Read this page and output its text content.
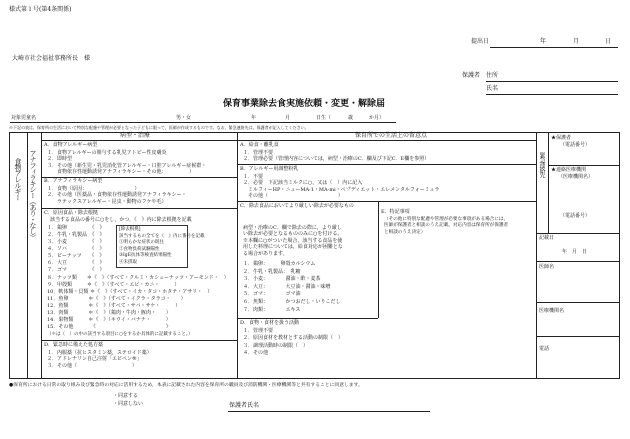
様式第１号(第4条関係)
提出日	年	月	日
大崎市社会福祉事務所長　様
保護者 住所
氏名
保育事業除去食実施依頼・変更・解除届
対象児童名	男・女	年	月	日生（	歳	か月）
※下記の表は，保育所の生活において特別な配慮や管理が必要となった子どもに限って，医師が作成するものです。なお，緊急連絡先は，保護者が記入してください。
食物アレルギー アナフィラキシー（あり・なし）
病型・治療	保育所での生活上の留意点
A．食物アレルギー病型
１．食物アレルギーの関与する乳児アトピー性皮膚炎
２．即時型
３．その他（新生児・乳児消化管アレルギー・口腔アレルギー症候群・
　　食物依存性運動誘発アナフィラキシー・その他：　　　　　）
B．アナフィラキシー病型
１．食物（原因：　　　　　　　　　　）
２．その他（医薬品・食物依存性運動誘発アナフィラキシー・
　　ラテックスアレルギー・昆虫・動物のフケや毛）
C．原因食品・除去根拠
該当する食品の番号に○をし，かつ，《　》内に除去根拠を記載
１．鶏卵　　　　　《　》
２．牛乳・乳製品　《　》
３．小麦　　　　　《　》
４．ソバ　　　　　《　》
５．ピーナッツ　　《　》
６．大豆　　　　　《　》
７．ゴマ　　　　　《　》
８．ナッツ類　　＊《　》（すべて・クルミ・カシューナッツ・アーモンド・　）
９．甲殻類　　　＊《　》（すべて・エビ・カニ・　　　）
10．軟体類・貝類 ＊《　》（すべて・イカ・タコ・ホタテ・アサリ・　）
11．魚卵　　　　＊《　》（すべて・イクラ・タラコ・　　）
12．魚類　　　　＊《　》（すべて・サバ・サケ・　　　）
13．肉類　　　　＊《　》（鶏肉・牛肉・豚肉・　　）
14．果物類　　　＊《　》（キウイ・バナナ・　　　）
15．その他　　　　《　　　　　　　　　　　　　　》
（＊は（　）の中の該当する項目に○をするか具体的に記載すること。）
[除去根拠]
該当するもの全てを《　》内に番号を記載
①明らかな症状の既往
②食物負荷試験陽性
③IgE抗体等検査結果陽性
④未摂取
D．緊急時に備えた処方薬
１．内服薬（抗ヒスタミン薬，ステロイド薬）
２．アドレナリン自己注射「エピペン®」
３．その他（　　　　　　　　　　　）
A．給食・離乳食
１．管理不要
２．管理必要（管理内容については，病型・治療のC．欄及び下記C．E欄を参照）
B．アレルギー用調整粉乳
１．不要
２．必要　下記該当ミルクに○，又は（　）内に記入
　ミルフィーHP・ニューMA-1・MA-mi・ペプディエット・エレメンタルフォーミュラ
　その他（　　　　　　　　　　　　　　）
C．除去食品においてより厳しい除去が必要なもの
病型・治療のC．欄で除去の際に，より厳し
い除去が必要となるもののみに○を付ける。
※本欄に○がついた場合，該当する食品を使
用した料理については，給食対応が困難とな
る場合があります。
１．鶏卵：　　　卵殻カルシウム
２．牛乳・乳製品：　乳糖
３．小麦：　　　　醤油・酢・麦茶
４．大豆：　　　　大豆油・醤油・味噌
５．ゴマ：　　　　ゴマ油
６．魚類：　　　　かつおだし・いりこだし
７．肉類：　　　　エキス
E．特記事項
（その他に特別な配慮や管理が必要な事項がある場合には，
医師が保護者と相談のうえ記載。対応内容は保育所が保護者
と相談のうえ決定）
D．食物・食材を扱う活動
１．管理不要
２．原因食材を教材とする活動の制限（　）
３．調理活動時の制限（　）
４．その他
緊急連絡先
★保護者
（電話番号）
★連絡医療機関
（医療機関名）
（電話番号）
記載日
年　月　日
医師名
医療機関名
電話
●保育所における日常の取り組み及び緊急時の対応に活用するため，本表に記載された内容を保育所の職員及び消防機関・医療機関等と共有することに同意します。
・同意する
・同意しない	保護者氏名
